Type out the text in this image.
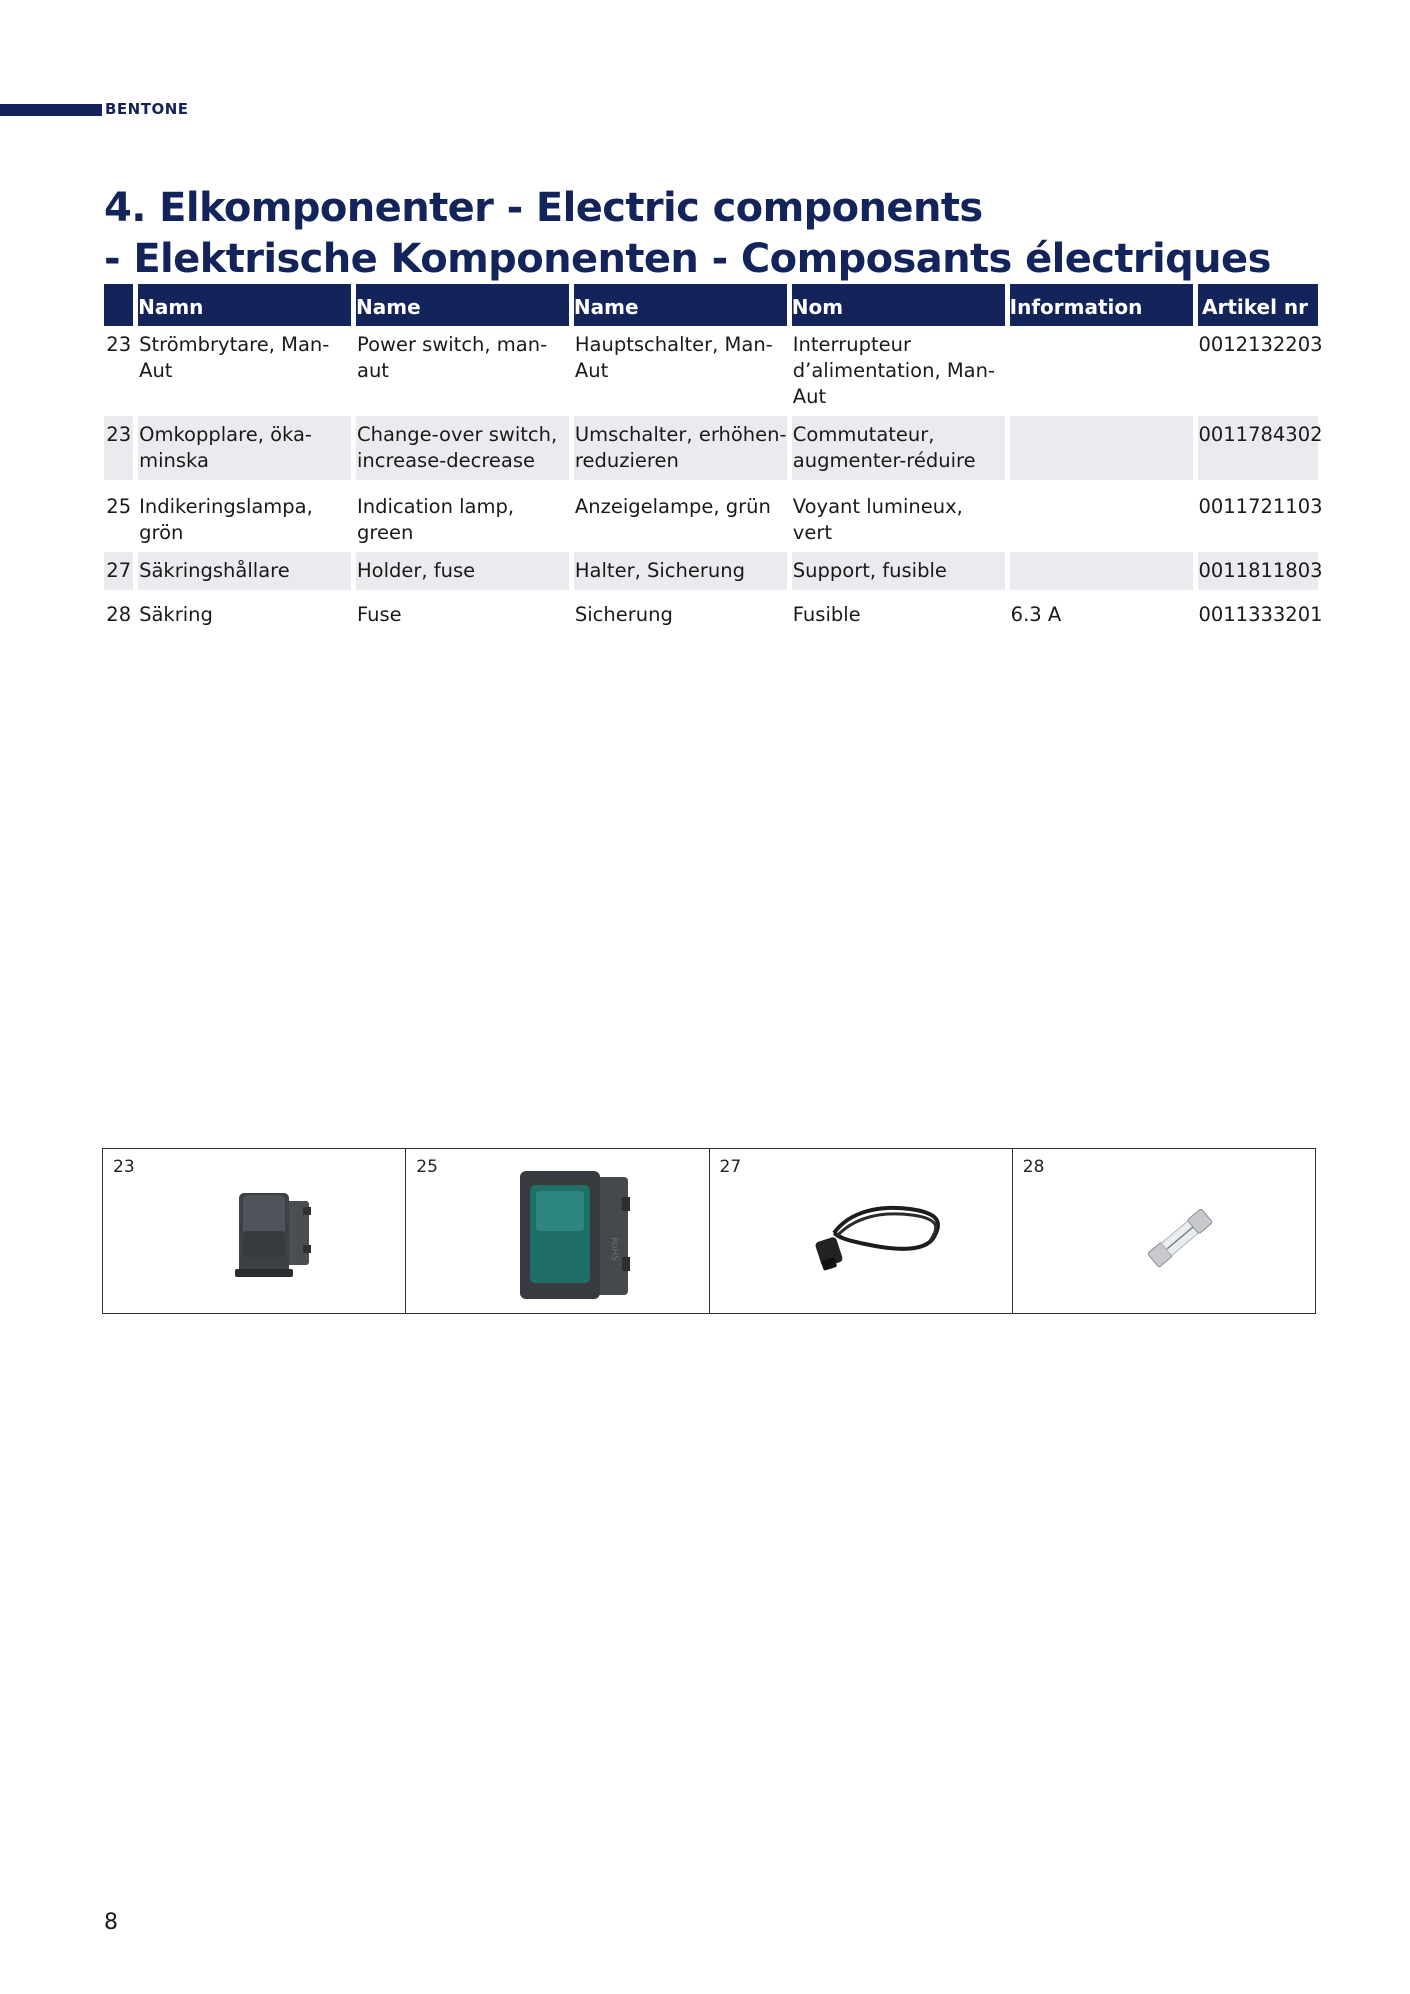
BENTONE
4. Elkomponenter - Electric components
- Elektrische Komponenten - Composants électriques
	Namn	Name	Name	Nom	Information	Artikel nr
23	Strömbrytare, Man-Aut	Power switch, man-aut	Hauptschalter, Man-Aut	Interrupteur d’alimentation, Man-Aut		0012132203
23	Omkopplare, öka-minska	Change-over switch, increase-decrease	Umschalter, erhöhen-reduzieren	Commutateur, augmenter-réduire		0011784302
25	Indikeringslampa, grön	Indication lamp, green	Anzeigelampe, grün	Voyant lumineux, vert		0011721103
27	Säkringshållare	Holder, fuse	Halter, Sicherung	Support, fusible		0011811803
28	Säkring	Fuse	Sicherung	Fusible	6.3 A	0011333201
23	25
RoHS
27	28
8
